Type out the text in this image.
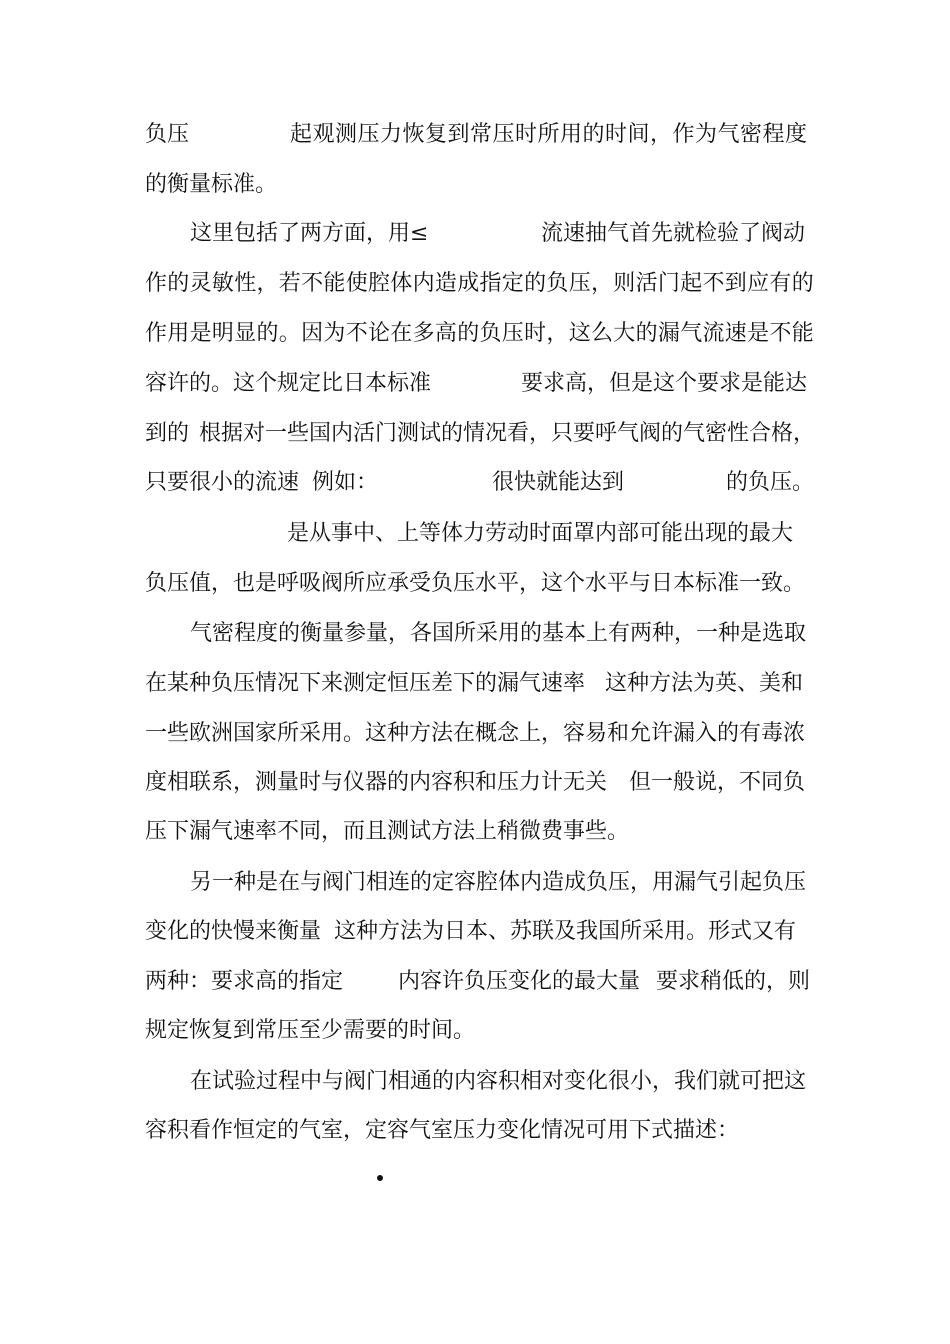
负压	起观测压力恢复到常压时所用的时间，作为气密程度
的衡量标准。
这里包括了两方面，用≤	流速抽气首先就检验了阀动
作的灵敏性，若不能使腔体内造成指定的负压，则活门起不到应有的
作用是明显的。因为不论在多高的负压时，这么大的漏气流速是不能
容许的。这个规定比日本标准	要求高，但是这个要求是能达
到的 根据对一些国内活门测试的情况看，只要呼气阀的气密性合格，
只要很小的流速 例如：	很快就能达到	的负压。
是从事中、上等体力劳动时面罩内部可能出现的最大
负压值，也是呼吸阀所应承受负压水平，这个水平与日本标准一致。
气密程度的衡量参量，各国所采用的基本上有两种，一种是选取
在某种负压情况下来测定恒压差下的漏气速率 这种方法为英、美和
一些欧洲国家所采用。这种方法在概念上，容易和允许漏入的有毒浓
度相联系，测量时与仪器的内容积和压力计无关 但一般说，不同负
压下漏气速率不同，而且测试方法上稍微费事些。
另一种是在与阀门相连的定容腔体内造成负压，用漏气引起负压
变化的快慢来衡量 这种方法为日本、苏联及我国所采用。形式又有
两种：要求高的指定 内容许负压变化的最大量 要求稍低的，则
规定恢复到常压至少需要的时间。
在试验过程中与阀门相通的内容积相对变化很小，我们就可把这
容积看作恒定的气室，定容气室压力变化情况可用下式描述：
